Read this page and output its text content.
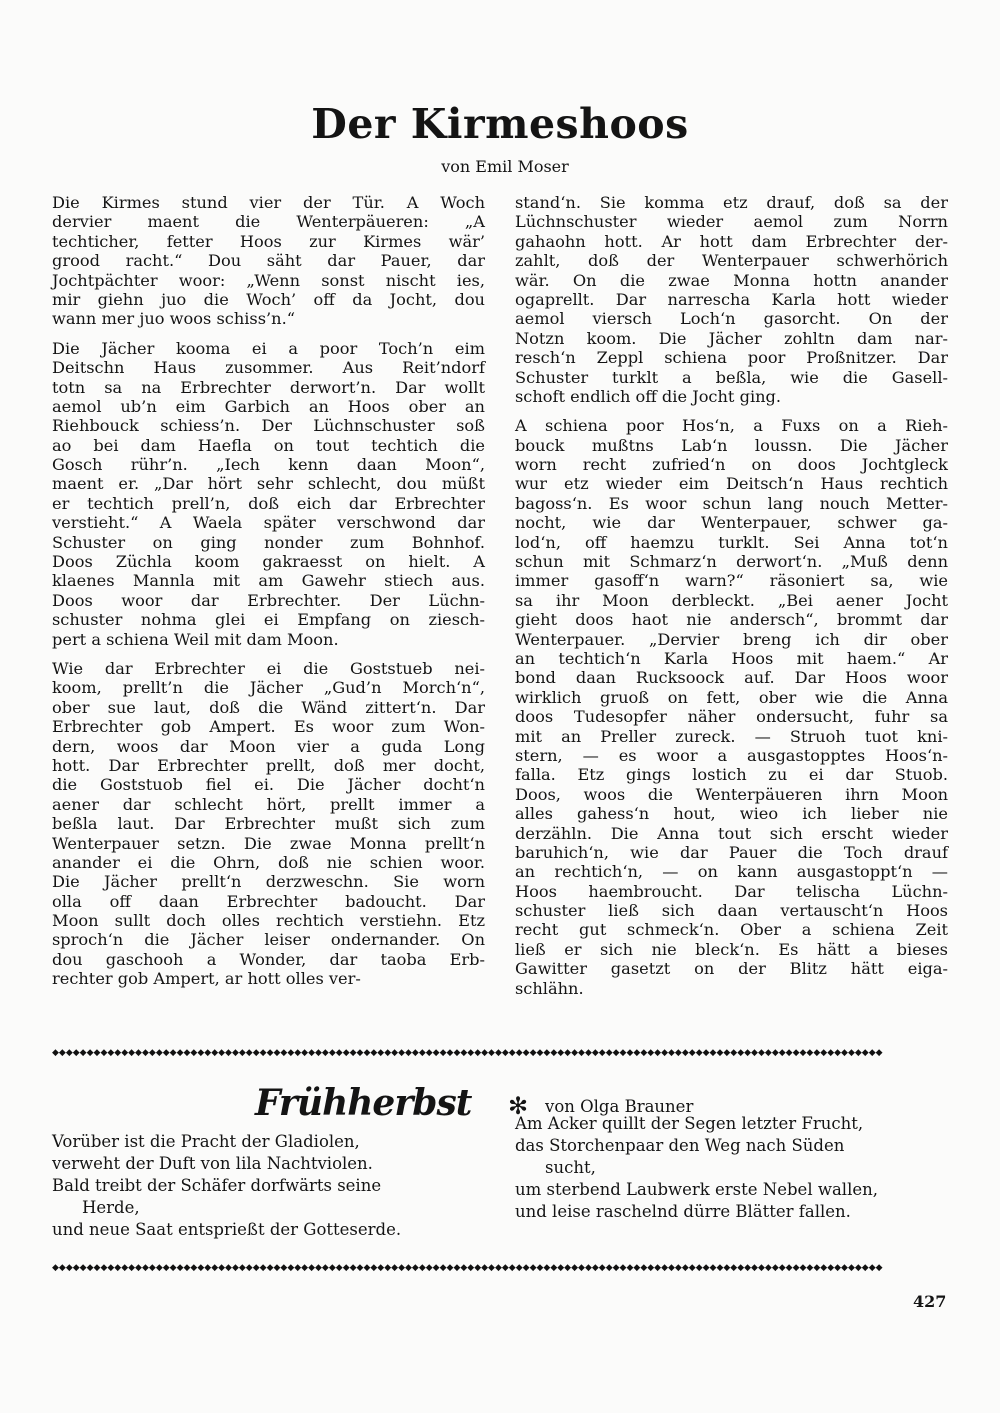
Der Kirmeshoos
von Emil Moser
Die Kirmes stund vier der Tür. A Woch
dervier maent die Wenterpäueren: „A
techticher, fetter Hoos zur Kirmes wär’
grood racht.“ Dou säht dar Pauer, dar
Jochtpächter woor: „Wenn sonst nischt ies,
mir giehn juo die Woch’ off da Jocht, dou
wann mer juo woos schiss’n.“
Die Jächer kooma ei a poor Toch’n eim
Deitschn Haus zusommer. Aus Reit’ndorf
totn sa na Erbrechter derwort’n. Dar wollt
aemol ub’n eim Garbich an Hoos ober an
Riehbouck schiess’n. Der Lüchnschuster soß
ao bei dam Haefla on tout techtich die
Gosch rühr’n. „Iech kenn daan Moon“,
maent er. „Dar hört sehr schlecht, dou müßt
er techtich prell’n, doß eich dar Erbrechter
verstieht.“ A Waela später verschwond dar
Schuster on ging nonder zum Bohnhof.
Doos Züchla koom gakraesst on hielt. A
klaenes Mannla mit am Gawehr stiech aus.
Doos woor dar Erbrechter. Der Lüchn-
schuster nohma glei ei Empfang on ziesch-
pert a schiena Weil mit dam Moon.
Wie dar Erbrechter ei die Goststueb nei-
koom, prellt’n die Jächer „Gud’n Morch‘n“,
ober sue laut, doß die Wänd zittert‘n. Dar
Erbrechter gob Ampert. Es woor zum Won-
dern, woos dar Moon vier a guda Long
hott. Dar Erbrechter prellt, doß mer docht,
die Goststuob fiel ei. Die Jächer docht‘n
aener dar schlecht hört, prellt immer a
beßla laut. Dar Erbrechter mußt sich zum
Wenterpauer setzn. Die zwae Monna prellt‘n
anander ei die Ohrn, doß nie schien woor.
Die Jächer prellt‘n derzweschn. Sie worn
olla off daan Erbrechter badoucht. Dar
Moon sullt doch olles rechtich verstiehn. Etz
sproch‘n die Jächer leiser ondernander. On
dou gaschooh a Wonder, dar taoba Erb-
rechter gob Ampert, ar hott olles ver-
stand‘n. Sie komma etz drauf, doß sa der
Lüchnschuster wieder aemol zum Norrn
gahaohn hott. Ar hott dam Erbrechter der-
zahlt, doß der Wenterpauer schwerhörich
wär. On die zwae Monna hottn anander
ogaprellt. Dar narrescha Karla hott wieder
aemol viersch Loch‘n gasorcht. On der
Notzn koom. Die Jächer zohltn dam nar-
resch‘n Zeppl schiena poor Proßnitzer. Dar
Schuster turklt a beßla, wie die Gasell-
schoft endlich off die Jocht ging.
A schiena poor Hos‘n, a Fuxs on a Rieh-
bouck mußtns Lab‘n loussn. Die Jächer
worn recht zufried‘n on doos Jochtgleck
wur etz wieder eim Deitsch‘n Haus rechtich
bagoss‘n. Es woor schun lang nouch Metter-
nocht, wie dar Wenterpauer, schwer ga-
lod‘n, off haemzu turklt. Sei Anna tot‘n
schun mit Schmarz‘n derwort‘n. „Muß denn
immer gasoff‘n warn?“ räsoniert sa, wie
sa ihr Moon derbleckt. „Bei aener Jocht
gieht doos haot nie andersch“, brommt dar
Wenterpauer. „Dervier breng ich dir ober
an techtich‘n Karla Hoos mit haem.“ Ar
bond daan Rucksoock auf. Dar Hoos woor
wirklich gruoß on fett, ober wie die Anna
doos Tudesopfer näher ondersucht, fuhr sa
mit an Preller zureck. — Struoh tuot kni-
stern, — es woor a ausgastopptes Hoos‘n-
falla. Etz gings lostich zu ei dar Stuob.
Doos, woos die Wenterpäueren ihrn Moon
alles gahess‘n hout, wieo ich lieber nie
derzähln. Die Anna tout sich erscht wieder
baruhich‘n, wie dar Pauer die Toch drauf
an rechtich‘n, — on kann ausgastoppt‘n —
Hoos haembroucht. Dar telischa Lüchn-
schuster ließ sich daan vertauscht‘n Hoos
recht gut schmeck‘n. Ober a schiena Zeit
ließ er sich nie bleck‘n. Es hätt a bieses
Gawitter gasetzt on der Blitz hätt eiga-
schlähn.
◆◆◆◆◆◆◆◆◆◆◆◆◆◆◆◆◆◆◆◆◆◆◆◆◆◆◆◆◆◆◆◆◆◆◆◆◆◆◆◆◆◆◆◆◆◆◆◆◆◆◆◆◆◆◆◆◆◆◆◆◆◆◆◆◆◆◆◆◆◆◆◆◆◆◆◆◆◆◆◆◆◆◆◆◆◆◆◆◆◆◆◆◆◆◆◆◆◆◆◆◆◆◆◆◆◆◆◆◆◆◆◆◆◆◆◆◆◆◆◆
Frühherbst ✻ von Olga Brauner
Vorüber ist die Pracht der Gladiolen,
verweht der Duft von lila Nachtviolen.
Bald treibt der Schäfer dorfwärts seine
Herde,
und neue Saat entsprießt der Gotteserde.
Am Acker quillt der Segen letzter Frucht,
das Storchenpaar den Weg nach Süden
sucht,
um sterbend Laubwerk erste Nebel wallen,
und leise raschelnd dürre Blätter fallen.
◆◆◆◆◆◆◆◆◆◆◆◆◆◆◆◆◆◆◆◆◆◆◆◆◆◆◆◆◆◆◆◆◆◆◆◆◆◆◆◆◆◆◆◆◆◆◆◆◆◆◆◆◆◆◆◆◆◆◆◆◆◆◆◆◆◆◆◆◆◆◆◆◆◆◆◆◆◆◆◆◆◆◆◆◆◆◆◆◆◆◆◆◆◆◆◆◆◆◆◆◆◆◆◆◆◆◆◆◆◆◆◆◆◆◆◆◆◆◆◆
427
